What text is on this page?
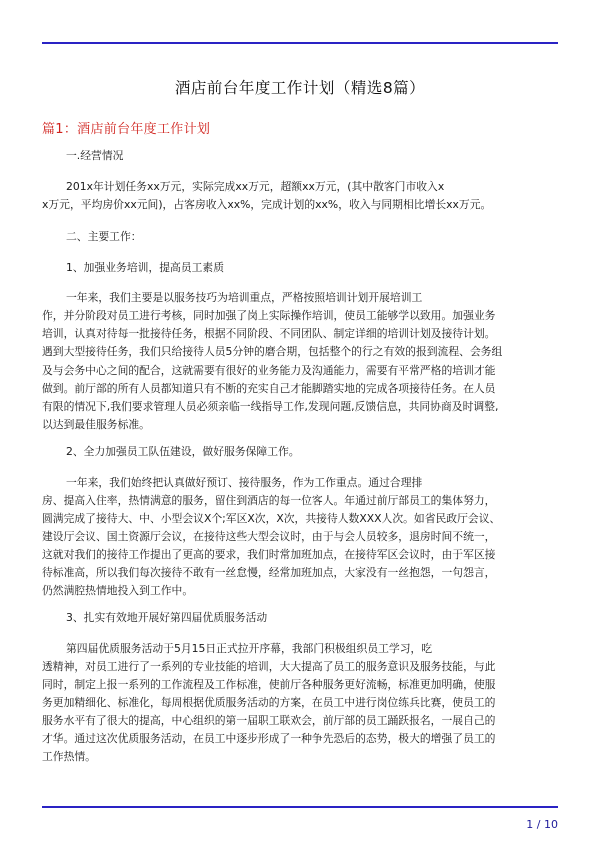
酒店前台年度工作计划（精选8篇）
篇1：酒店前台年度工作计划
一.经营情况
201x年计划任务xx万元，实际完成xx万元，超额xx万元，(其中散客门市收入x
x万元，平均房价xx元间)，占客房收入xx%，完成计划的xx%，收入与同期相比增长xx万元。
二、主要工作：
1、加强业务培训，提高员工素质
一年来，我们主要是以服务技巧为培训重点，严格按照培训计划开展培训工
作，并分阶段对员工进行考核，同时加强了岗上实际操作培训，使员工能够学以致用。加强业务
培训，认真对待每一批接待任务，根据不同阶段、不同团队、制定详细的培训计划及接待计划。
遇到大型接待任务，我们只给接待人员5分钟的磨合期，包括整个的行之有效的报到流程、会务组
及与会务中心之间的配合，这就需要有很好的业务能力及沟通能力，需要有平常严格的培训才能
做到。前厅部的所有人员都知道只有不断的充实自己才能脚踏实地的完成各项接待任务。在人员
有限的情况下,我们要求管理人员必须亲临一线指导工作,发现问题,反馈信息，共同协商及时调整,
以达到最佳服务标准。
2、全力加强员工队伍建设，做好服务保障工作。
一年来，我们始终把认真做好预订、接待服务，作为工作重点。通过合理排
房、提高入住率，热情满意的服务，留住到酒店的每一位客人。年通过前厅部员工的集体努力，
圆满完成了接待大、中、小型会议X个;军区X次，X次，共接待人数XXX人次。如省民政厅会议、
建设厅会议、国土资源厅会议，在接待这些大型会议时，由于与会人员较多，退房时间不统一，
这就对我们的接待工作提出了更高的要求，我们时常加班加点，在接待军区会议时，由于军区接
待标准高，所以我们每次接待不敢有一丝怠慢，经常加班加点，大家没有一丝抱怨，一句怨言，
仍然满腔热情地投入到工作中。
3、扎实有效地开展好第四届优质服务活动
第四届优质服务活动于5月15日正式拉开序幕，我部门积极组织员工学习，吃
透精神，对员工进行了一系列的专业技能的培训，大大提高了员工的服务意识及服务技能，与此
同时，制定上报一系列的工作流程及工作标准，使前厅各种服务更好流畅，标准更加明确，使服
务更加精细化、标准化，每周根据优质服务活动的方案，在员工中进行岗位练兵比赛，使员工的
服务水平有了很大的提高，中心组织的第一届职工联欢会，前厅部的员工踊跃报名，一展自己的
才华。通过这次优质服务活动，在员工中逐步形成了一种争先恐后的态势，极大的增强了员工的
工作热情。
1 / 10
